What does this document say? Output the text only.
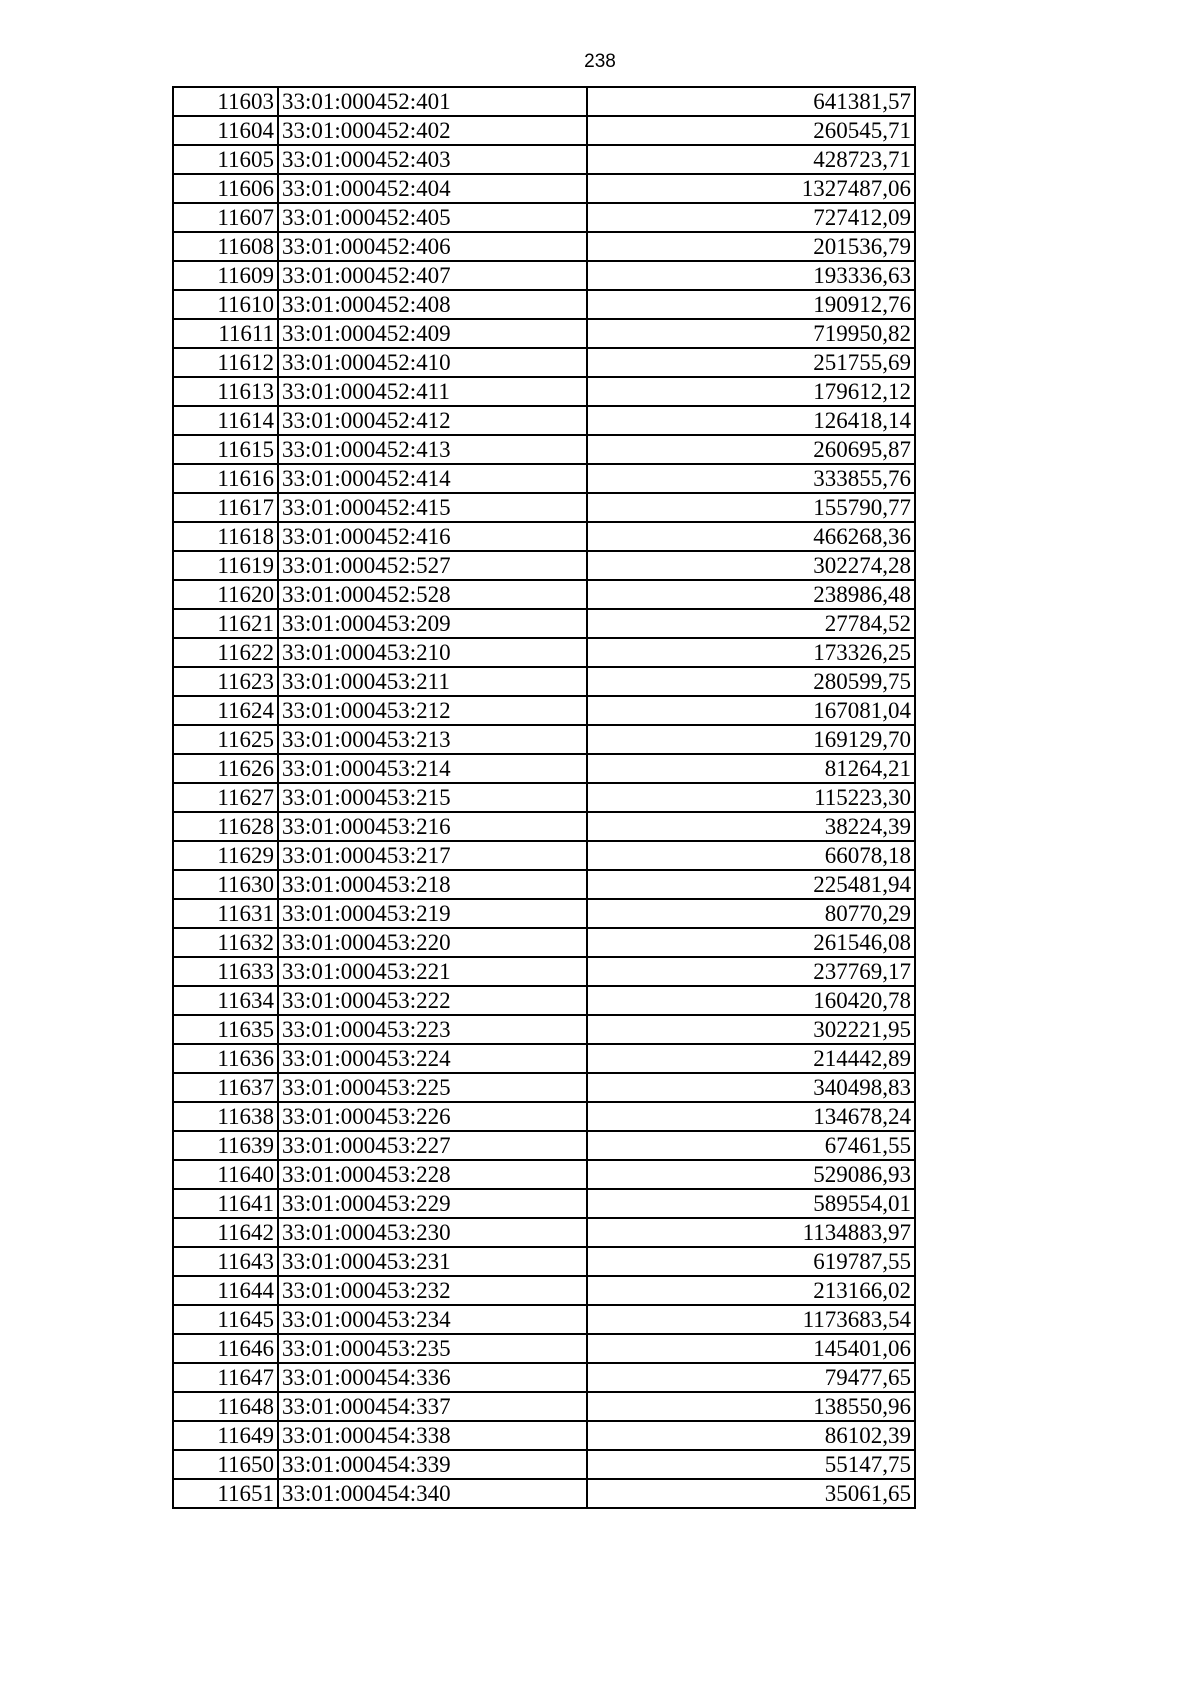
238
11603	33:01:000452:401	641381,57
11604	33:01:000452:402	260545,71
11605	33:01:000452:403	428723,71
11606	33:01:000452:404	1327487,06
11607	33:01:000452:405	727412,09
11608	33:01:000452:406	201536,79
11609	33:01:000452:407	193336,63
11610	33:01:000452:408	190912,76
11611	33:01:000452:409	719950,82
11612	33:01:000452:410	251755,69
11613	33:01:000452:411	179612,12
11614	33:01:000452:412	126418,14
11615	33:01:000452:413	260695,87
11616	33:01:000452:414	333855,76
11617	33:01:000452:415	155790,77
11618	33:01:000452:416	466268,36
11619	33:01:000452:527	302274,28
11620	33:01:000452:528	238986,48
11621	33:01:000453:209	27784,52
11622	33:01:000453:210	173326,25
11623	33:01:000453:211	280599,75
11624	33:01:000453:212	167081,04
11625	33:01:000453:213	169129,70
11626	33:01:000453:214	81264,21
11627	33:01:000453:215	115223,30
11628	33:01:000453:216	38224,39
11629	33:01:000453:217	66078,18
11630	33:01:000453:218	225481,94
11631	33:01:000453:219	80770,29
11632	33:01:000453:220	261546,08
11633	33:01:000453:221	237769,17
11634	33:01:000453:222	160420,78
11635	33:01:000453:223	302221,95
11636	33:01:000453:224	214442,89
11637	33:01:000453:225	340498,83
11638	33:01:000453:226	134678,24
11639	33:01:000453:227	67461,55
11640	33:01:000453:228	529086,93
11641	33:01:000453:229	589554,01
11642	33:01:000453:230	1134883,97
11643	33:01:000453:231	619787,55
11644	33:01:000453:232	213166,02
11645	33:01:000453:234	1173683,54
11646	33:01:000453:235	145401,06
11647	33:01:000454:336	79477,65
11648	33:01:000454:337	138550,96
11649	33:01:000454:338	86102,39
11650	33:01:000454:339	55147,75
11651	33:01:000454:340	35061,65
